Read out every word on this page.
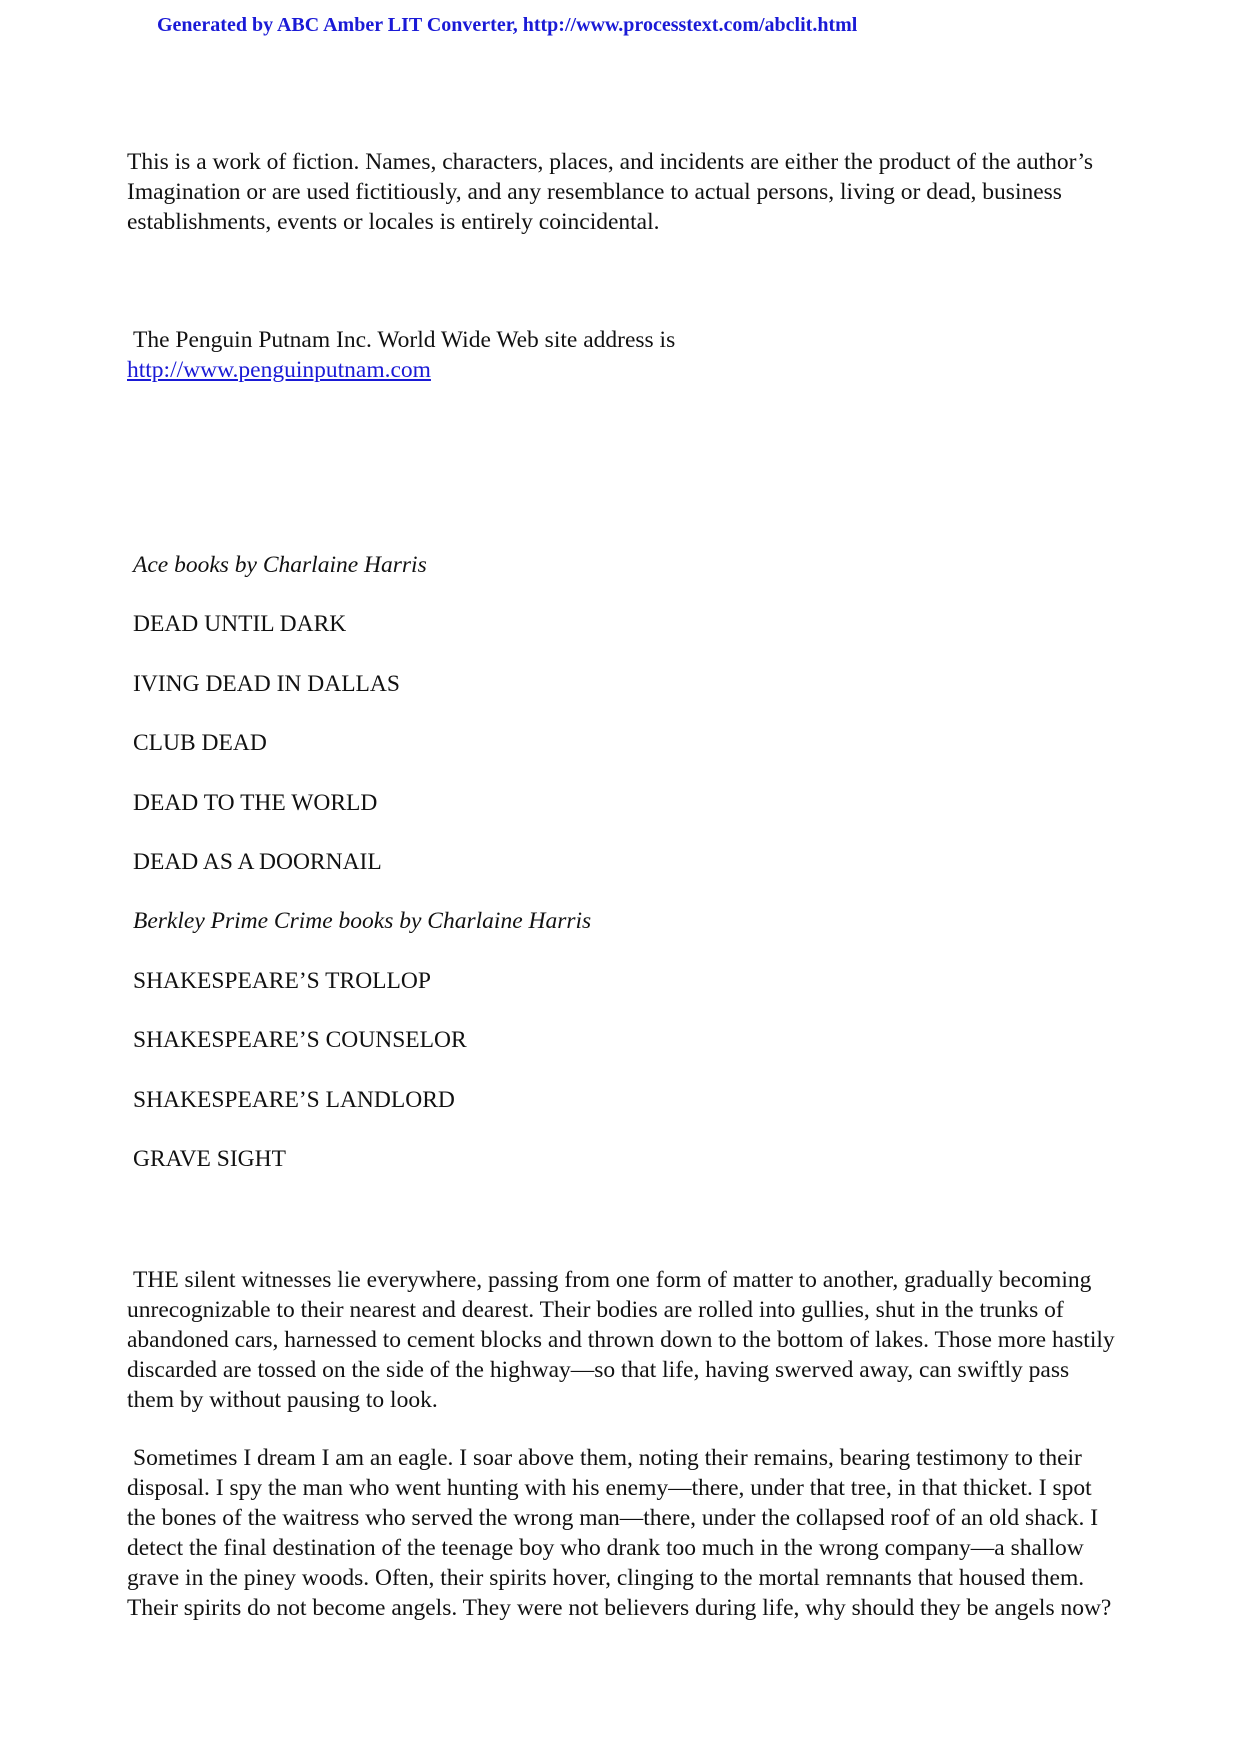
Generated by ABC Amber LIT Converter, http://www.processtext.com/abclit.html
This is a work of fiction. Names, characters, places, and incidents are either the product of the author’s Imagination or are used fictitiously, and any resemblance to actual persons, living or dead, business establishments, events or locales is entirely coincidental.
The Penguin Putnam Inc. World Wide Web site address is
http://www.penguinputnam.com
Ace books by Charlaine Harris
DEAD UNTIL DARK
IVING DEAD IN DALLAS
CLUB DEAD
DEAD TO THE WORLD
DEAD AS A DOORNAIL
Berkley Prime Crime books by Charlaine Harris
SHAKESPEARE’S TROLLOP
SHAKESPEARE’S COUNSELOR
SHAKESPEARE’S LANDLORD
GRAVE SIGHT
THE silent witnesses lie everywhere, passing from one form of matter to another, gradually becoming unrecognizable to their nearest and dearest. Their bodies are rolled into gullies, shut in the trunks of abandoned cars, harnessed to cement blocks and thrown down to the bottom of lakes. Those more hastily discarded are tossed on the side of the highway—so that life, having swerved away, can swiftly pass them by without pausing to look.
Sometimes I dream I am an eagle. I soar above them, noting their remains, bearing testimony to their disposal. I spy the man who went hunting with his enemy—there, under that tree, in that thicket. I spot the bones of the waitress who served the wrong man—there, under the collapsed roof of an old shack. I detect the final destination of the teenage boy who drank too much in the wrong company—a shallow grave in the piney woods. Often, their spirits hover, clinging to the mortal remnants that housed them. Their spirits do not become angels. They were not believers during life, why should they be angels now?
